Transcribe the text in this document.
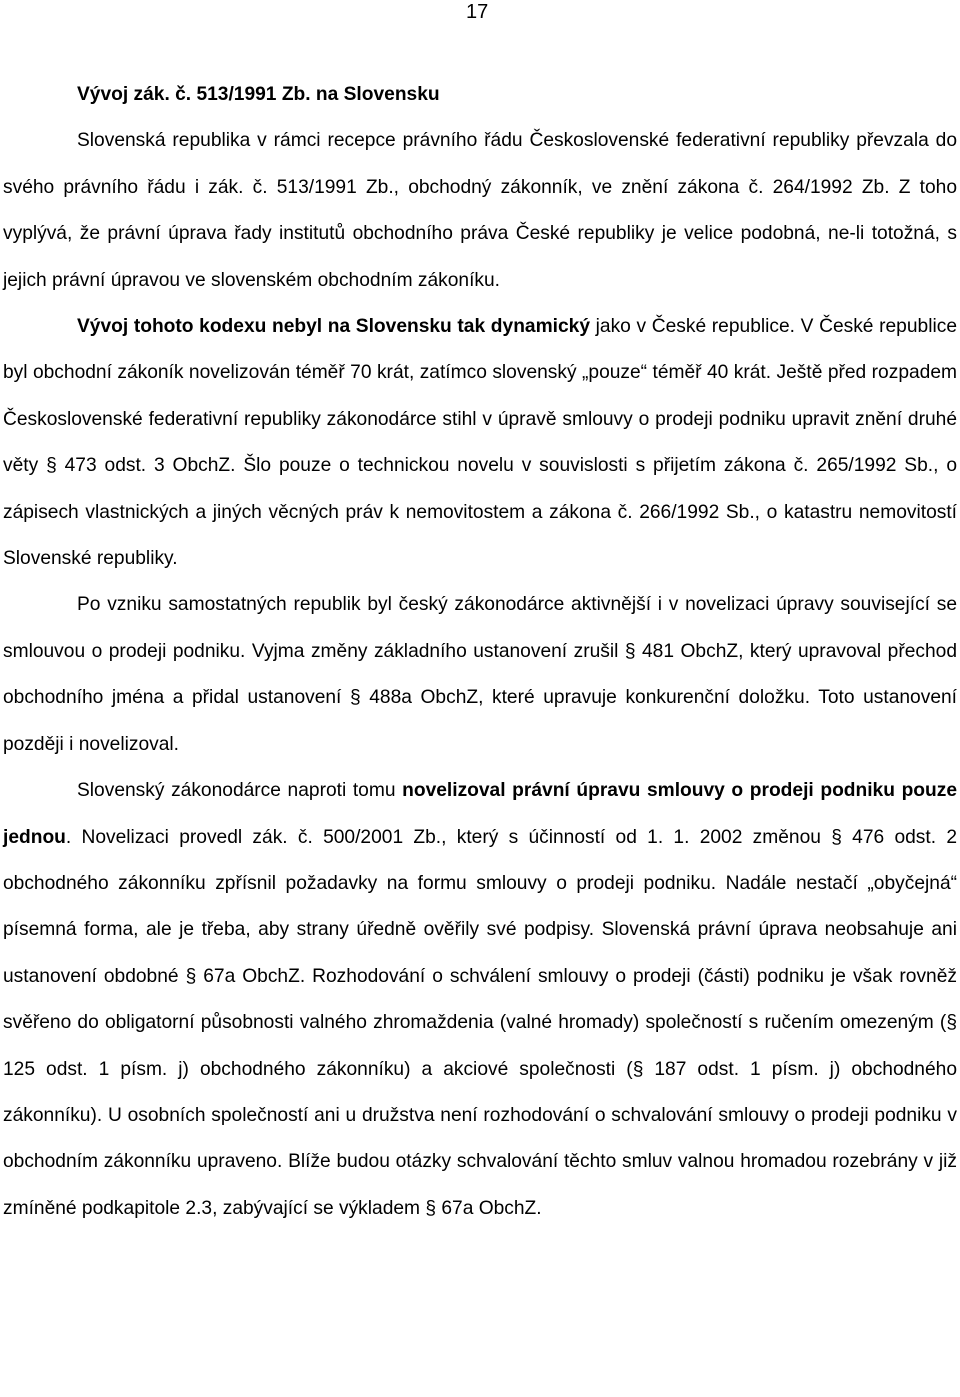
17

Vývoj zák. č. 513/1991 Zb. na Slovensku

Slovenská republika v rámci recepce právního řádu Československé federativní republiky převzala do svého právního řádu i zák. č. 513/1991 Zb., obchodný zákonník, ve znění zákona č. 264/1992 Zb. Z toho vyplývá, že právní úprava řady institutů obchodního práva České republiky je velice podobná, ne-li totožná, s jejich právní úpravou ve slovenském obchodním zákoníku.

Vývoj tohoto kodexu nebyl na Slovensku tak dynamický jako v České republice. V České republice byl obchodní zákoník novelizován téměř 70 krát, zatímco slovenský „pouze“ téměř 40 krát. Ještě před rozpadem Československé federativní republiky zákonodárce stihl v úpravě smlouvy o prodeji podniku upravit znění druhé věty § 473 odst. 3 ObchZ. Šlo pouze o technickou novelu v souvislosti s přijetím zákona č. 265/1992 Sb., o zápisech vlastnických a jiných věcných práv k nemovitostem a zákona č. 266/1992 Sb., o katastru nemovitostí Slovenské republiky.

Po vzniku samostatných republik byl český zákonodárce aktivnější i v novelizaci úpravy související se smlouvou o prodeji podniku. Vyjma změny základního ustanovení zrušil § 481 ObchZ, který upravoval přechod obchodního jména a přidal ustanovení § 488a ObchZ, které upravuje konkurenční doložku. Toto ustanovení později i novelizoval.

Slovenský zákonodárce naproti tomu novelizoval právní úpravu smlouvy o prodeji podniku pouze jednou. Novelizaci provedl zák. č. 500/2001 Zb., který s účinností od 1. 1. 2002 změnou § 476 odst. 2 obchodného zákonníku zpřísnil požadavky na formu smlouvy o prodeji podniku. Nadále nestačí „obyčejná“ písemná forma, ale je třeba, aby strany úředně ověřily své podpisy. Slovenská právní úprava neobsahuje ani ustanovení obdobné § 67a ObchZ. Rozhodování o schválení smlouvy o prodeji (části) podniku je však rovněž svěřeno do obligatorní působnosti valného zhromaždenia (valné hromady) společností s ručením omezeným (§ 125 odst. 1 písm. j) obchodného zákonníku) a akciové společnosti (§ 187 odst. 1 písm. j) obchodného zákonníku). U osobních společností ani u družstva není rozhodování o schvalování smlouvy o prodeji podniku v obchodním zákonníku upraveno. Blíže budou otázky schvalování těchto smluv valnou hromadou rozebrány v již zmíněné podkapitole 2.3, zabývající se výkladem § 67a ObchZ.
